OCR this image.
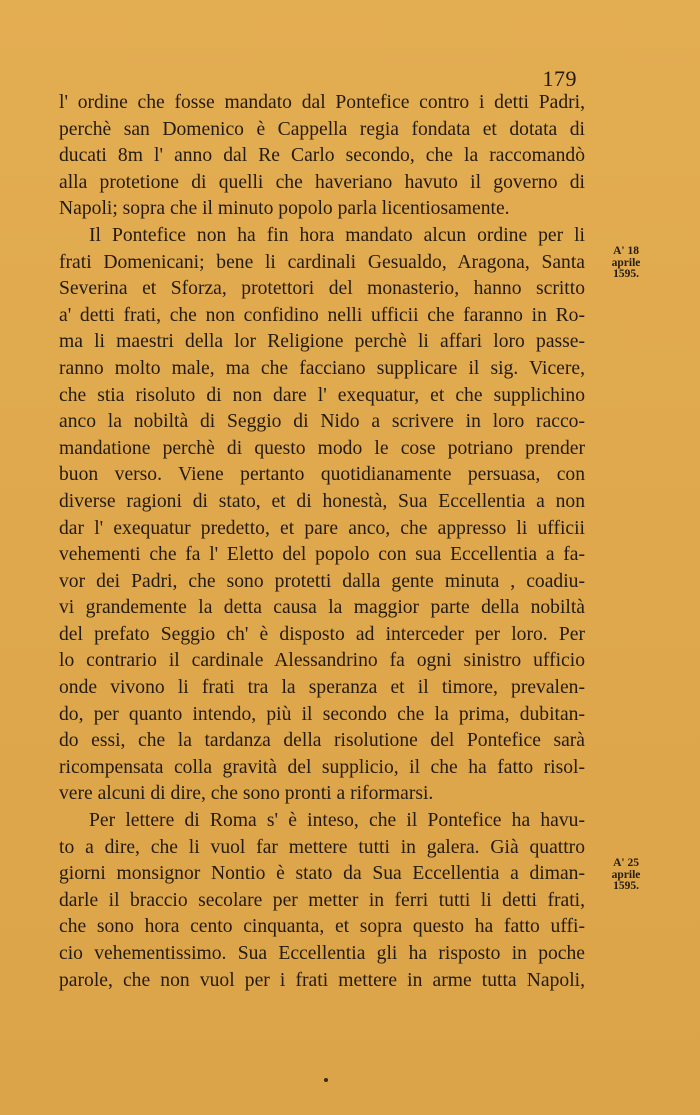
179
l' ordine che fosse mandato dal Pontefice contro i detti Padri,
perchè san Domenico è Cappella regia fondata et dotata di
ducati 8m l' anno dal Re Carlo secondo, che la raccomandò
alla protetione di quelli che haveriano havuto il governo di
Napoli; sopra che il minuto popolo parla licentiosamente.
Il Pontefice non ha fin hora mandato alcun ordine per li
frati Domenicani; bene li cardinali Gesualdo, Aragona, Santa
Severina et Sforza, protettori del monasterio, hanno scritto
a' detti frati, che non confidino nelli ufficii che faranno in Ro-
ma li maestri della lor Religione perchè li affari loro passe-
ranno molto male, ma che facciano supplicare il sig. Vicere,
che stia risoluto di non dare l' exequatur, et che supplichino
anco la nobiltà di Seggio di Nido a scrivere in loro racco-
mandatione perchè di questo modo le cose potriano prender
buon verso. Viene pertanto quotidianamente persuasa, con
diverse ragioni di stato, et di honestà, Sua Eccellentia a non
dar l' exequatur predetto, et pare anco, che appresso li ufficii
vehementi che fa l' Eletto del popolo con sua Eccellentia a fa-
vor dei Padri, che sono protetti dalla gente minuta , coadiu-
vi grandemente la detta causa la maggior parte della nobiltà
del prefato Seggio ch' è disposto ad interceder per loro. Per
lo contrario il cardinale Alessandrino fa ogni sinistro ufficio
onde vivono li frati tra la speranza et il timore, prevalen-
do, per quanto intendo, più il secondo che la prima, dubitan-
do essi, che la tardanza della risolutione del Pontefice sarà
ricompensata colla gravità del supplicio, il che ha fatto risol-
vere alcuni di dire, che sono pronti a riformarsi.
Per lettere di Roma s' è inteso, che il Pontefice ha havu-
to a dire, che li vuol far mettere tutti in galera. Già quattro
giorni monsignor Nontio è stato da Sua Eccellentia a diman-
darle il braccio secolare per metter in ferri tutti li detti frati,
che sono hora cento cinquanta, et sopra questo ha fatto uffi-
cio vehementissimo. Sua Eccellentia gli ha risposto in poche
parole, che non vuol per i frati mettere in arme tutta Napoli,
A' 18
aprile
1595.
A' 25
aprile
1595.
